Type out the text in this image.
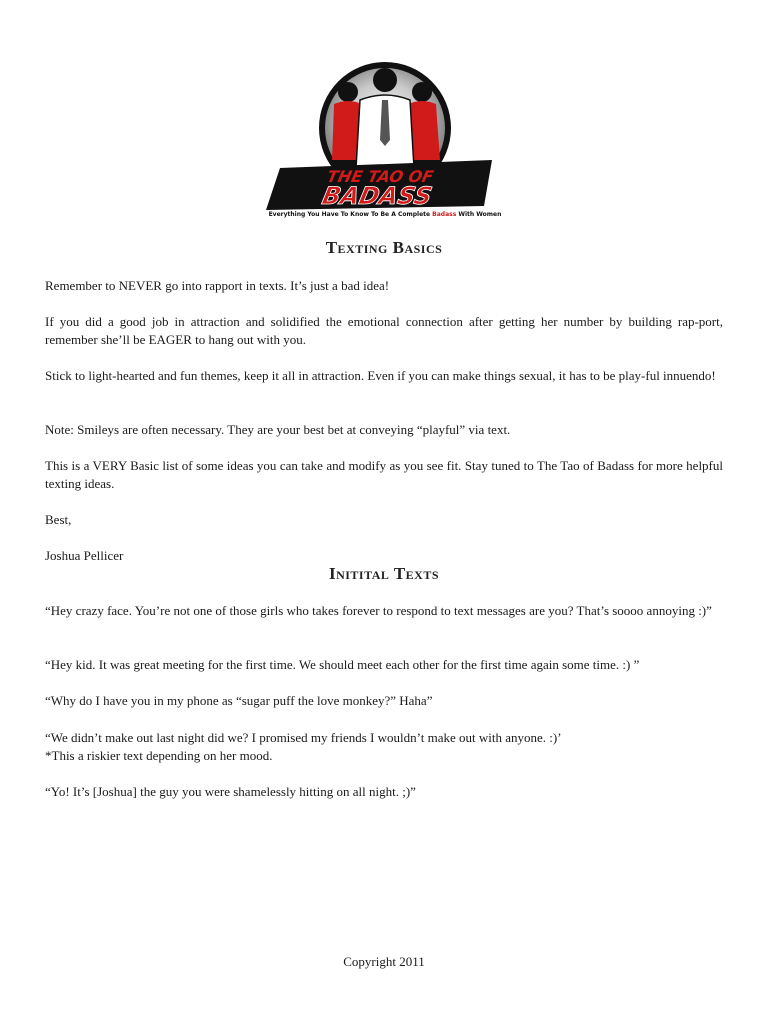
THE TAO OF
BADASS
Everything You Have To Know To Be A Complete Badass With Women
Texting Basics

Remember to NEVER go into rapport in texts. It’s just a bad idea!

If you did a good job in attraction and solidified the emotional connection after getting her number by building rap-port, remember she’ll be EAGER to hang out with you.

Stick to light-hearted and fun themes, keep it all in attraction. Even if you can make things sexual, it has to be play-ful innuendo!

Note: Smileys are often necessary. They are your best bet at conveying “playful” via text.

This is a VERY Basic list of some ideas you can take and modify as you see fit. Stay tuned to The Tao of Badass for more helpful texting ideas.

Best,

Joshua Pellicer

Initital Texts

“Hey crazy face. You’re not one of those girls who takes forever to respond to text messages are you? That’s soooo annoying :)”

“Hey kid. It was great meeting for the first time. We should meet each other for the first time again some time. :) ”

“Why do I have you in my phone as “sugar puff the love monkey?” Haha”

“We didn’t make out last night did we? I promised my friends I wouldn’t make out with anyone. :)’

*This a riskier text depending on her mood.

“Yo! It’s [Joshua] the guy you were shamelessly hitting on all night. ;)”

Copyright 2011
